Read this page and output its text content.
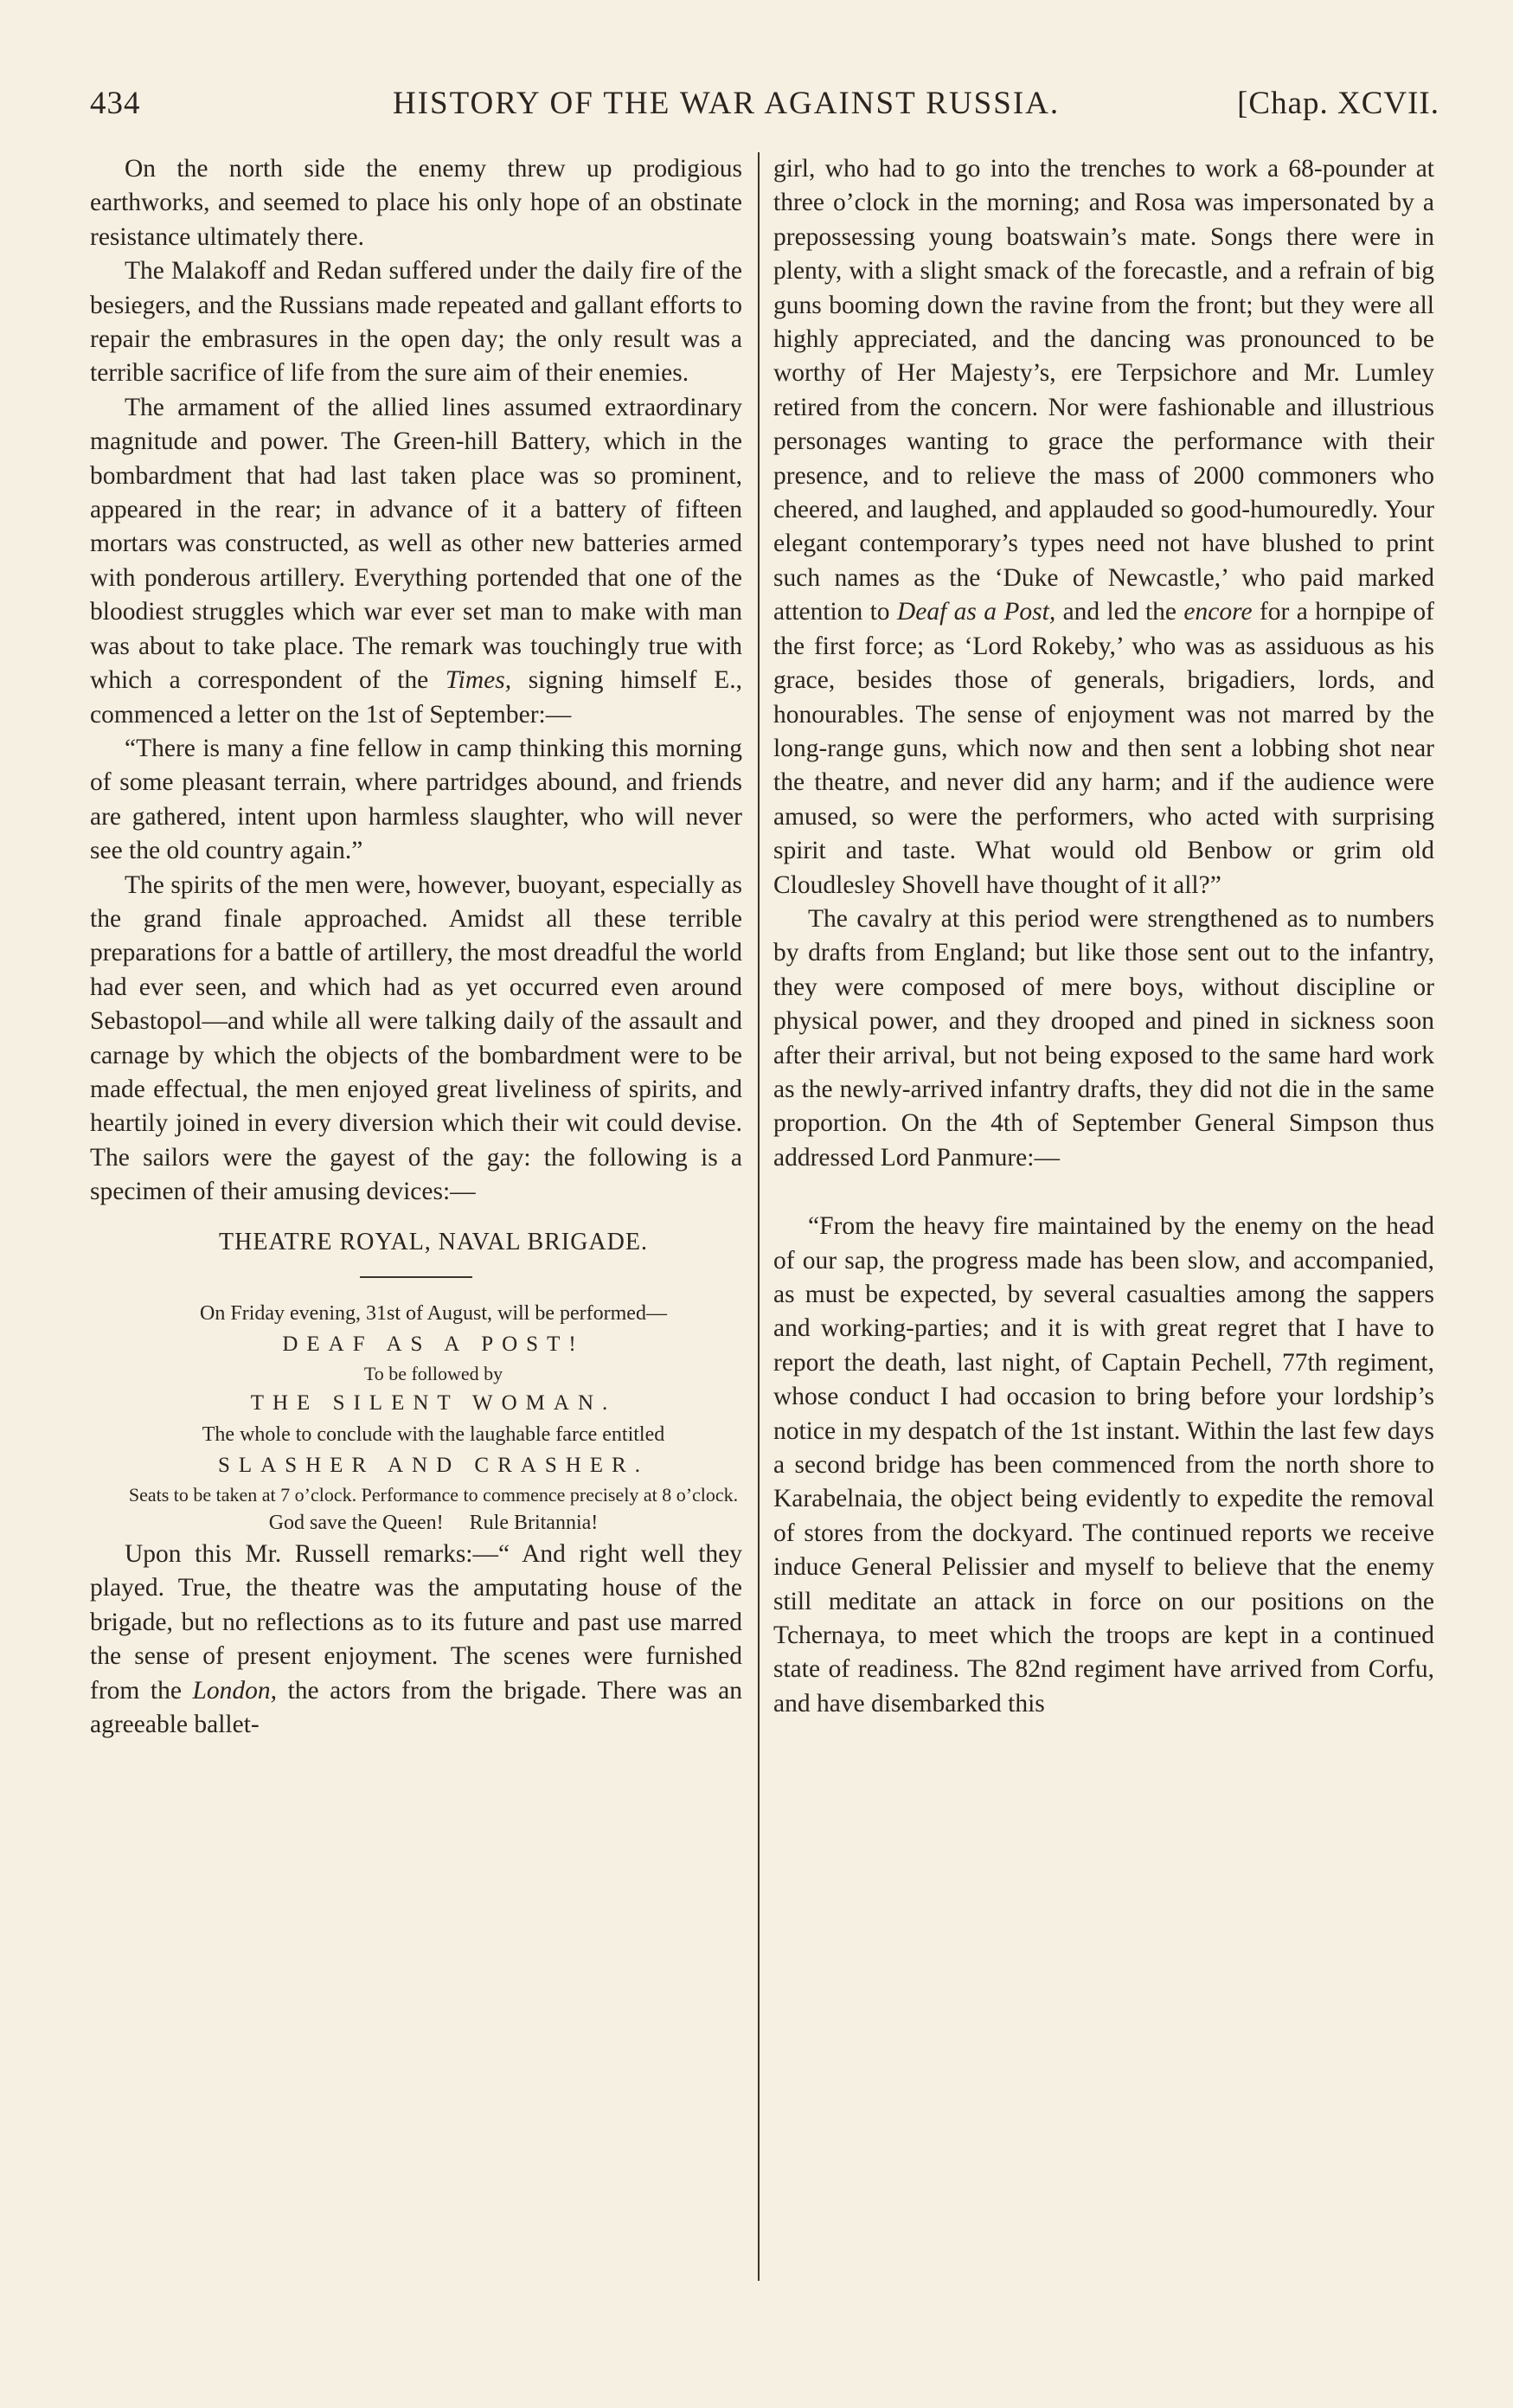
434	HISTORY OF THE WAR AGAINST RUSSIA.	[Chap. XCVII.

On the north side the enemy threw up prodigious earthworks, and seemed to place his only hope of an obstinate resistance ultimately there.

The Malakoff and Redan suffered under the daily fire of the besiegers, and the Russians made repeated and gallant efforts to repair the embrasures in the open day; the only result was a terrible sacrifice of life from the sure aim of their enemies.

The armament of the allied lines assumed extraordinary magnitude and power. The Green-hill Battery, which in the bombardment that had last taken place was so prominent, appeared in the rear; in advance of it a battery of fifteen mortars was constructed, as well as other new batteries armed with ponderous artillery. Everything portended that one of the bloodiest struggles which war ever set man to make with man was about to take place. The remark was touchingly true with which a correspondent of the Times, signing himself E., commenced a letter on the 1st of September:—

“There is many a fine fellow in camp thinking this morning of some pleasant terrain, where partridges abound, and friends are gathered, intent upon harmless slaughter, who will never see the old country again.”

The spirits of the men were, however, buoyant, especially as the grand finale approached. Amidst all these terrible preparations for a battle of artillery, the most dreadful the world had ever seen, and which had as yet occurred even around Sebastopol—and while all were talking daily of the assault and carnage by which the objects of the bombardment were to be made effectual, the men enjoyed great liveliness of spirits, and heartily joined in every diversion which their wit could devise. The sailors were the gayest of the gay: the following is a specimen of their amusing devices:—

THEATRE ROYAL, NAVAL BRIGADE.

On Friday evening, 31st of August, will be performed—

DEAF AS A POST!

To be followed by

THE SILENT WOMAN.

The whole to conclude with the laughable farce entitled

SLASHER AND CRASHER.

Seats to be taken at 7 o’clock. Performance to commence precisely at 8 o’clock.

God save the Queen! Rule Britannia!

Upon this Mr. Russell remarks:—“ And right well they played. True, the theatre was the amputating house of the brigade, but no reflections as to its future and past use marred the sense of present enjoyment. The scenes were furnished from the London, the actors from the brigade. There was an agreeable ballet-

girl, who had to go into the trenches to work a 68-pounder at three o’clock in the morning; and Rosa was impersonated by a prepossessing young boatswain’s mate. Songs there were in plenty, with a slight smack of the forecastle, and a refrain of big guns booming down the ravine from the front; but they were all highly appreciated, and the dancing was pronounced to be worthy of Her Majesty’s, ere Terpsichore and Mr. Lumley retired from the concern. Nor were fashionable and illustrious personages wanting to grace the performance with their presence, and to relieve the mass of 2000 commoners who cheered, and laughed, and applauded so good-humouredly. Your elegant contemporary’s types need not have blushed to print such names as the ‘Duke of Newcastle,’ who paid marked attention to Deaf as a Post, and led the encore for a hornpipe of the first force; as ‘Lord Rokeby,’ who was as assiduous as his grace, besides those of generals, brigadiers, lords, and honourables. The sense of enjoyment was not marred by the long-range guns, which now and then sent a lobbing shot near the theatre, and never did any harm; and if the audience were amused, so were the performers, who acted with surprising spirit and taste. What would old Benbow or grim old Cloudlesley Shovell have thought of it all?”

The cavalry at this period were strengthened as to numbers by drafts from England; but like those sent out to the infantry, they were composed of mere boys, without discipline or physical power, and they drooped and pined in sickness soon after their arrival, but not being exposed to the same hard work as the newly-arrived infantry drafts, they did not die in the same proportion. On the 4th of September General Simpson thus addressed Lord Panmure:—

“From the heavy fire maintained by the enemy on the head of our sap, the progress made has been slow, and accompanied, as must be expected, by several casualties among the sappers and working-parties; and it is with great regret that I have to report the death, last night, of Captain Pechell, 77th regiment, whose conduct I had occasion to bring before your lordship’s notice in my despatch of the 1st instant. Within the last few days a second bridge has been commenced from the north shore to Karabelnaia, the object being evidently to expedite the removal of stores from the dockyard. The continued reports we receive induce General Pelissier and myself to believe that the enemy still meditate an attack in force on our positions on the Tchernaya, to meet which the troops are kept in a continued state of readiness. The 82nd regiment have arrived from Corfu, and have disembarked this
